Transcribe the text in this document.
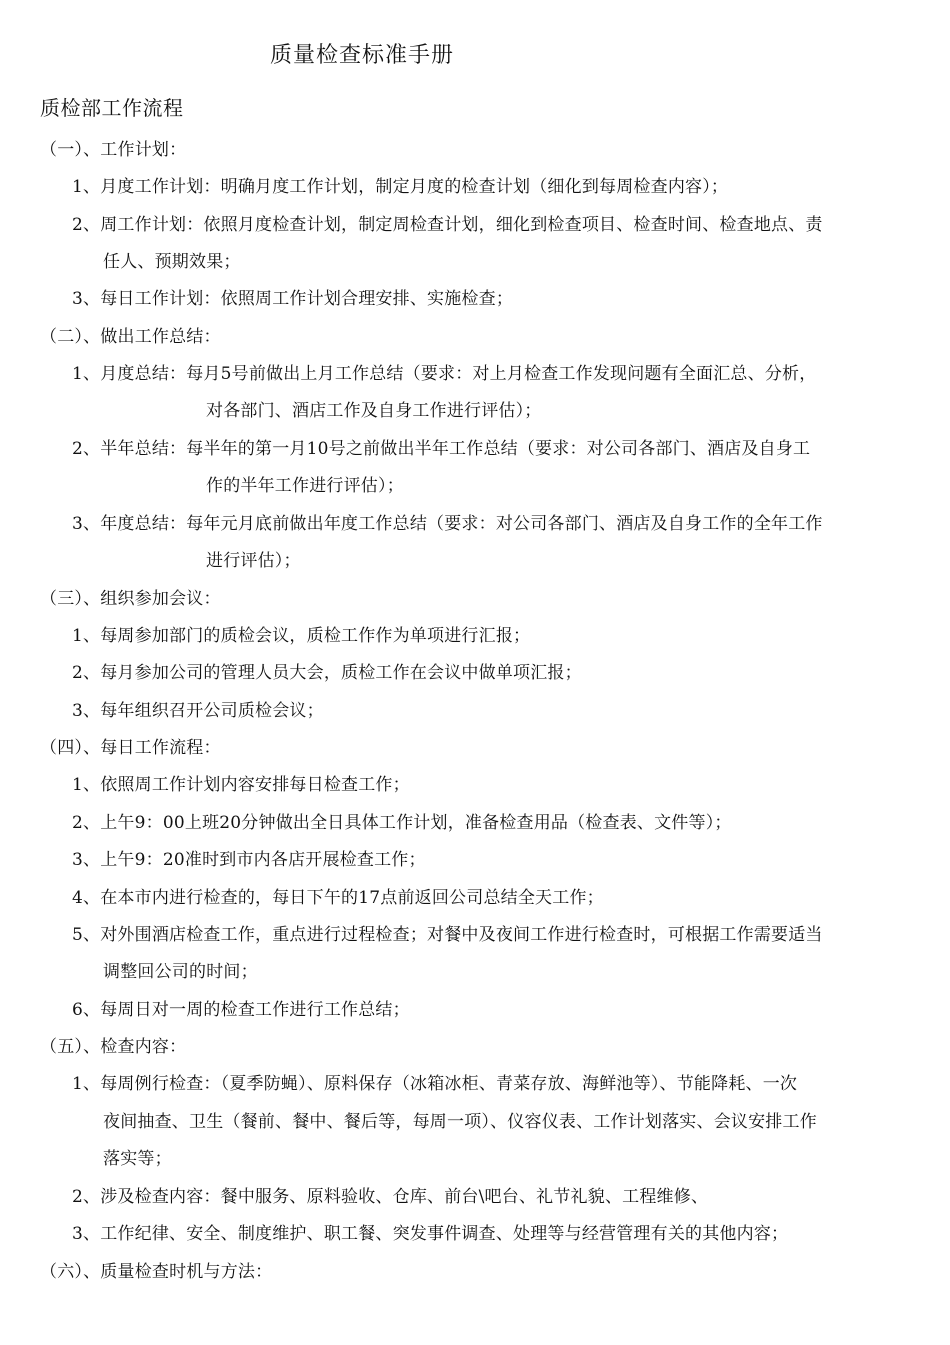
质量检查标准手册
质检部工作流程
（一）、工作计划：
1、月度工作计划：明确月度工作计划，制定月度的检查计划（细化到每周检查内容）；
2、周工作计划：依照月度检查计划，制定周检查计划，细化到检查项目、检查时间、检查地点、责
任人、预期效果；
3、每日工作计划：依照周工作计划合理安排、实施检查；
（二）、做出工作总结：
1、月度总结：每月5号前做出上月工作总结（要求：对上月检查工作发现问题有全面汇总、分析，
对各部门、酒店工作及自身工作进行评估）；
2、半年总结：每半年的第一月10号之前做出半年工作总结（要求：对公司各部门、酒店及自身工
作的半年工作进行评估）；
3、年度总结：每年元月底前做出年度工作总结（要求：对公司各部门、酒店及自身工作的全年工作
进行评估）；
（三）、组织参加会议：
1、每周参加部门的质检会议，质检工作作为单项进行汇报；
2、每月参加公司的管理人员大会，质检工作在会议中做单项汇报；
3、每年组织召开公司质检会议；
（四）、每日工作流程：
1、依照周工作计划内容安排每日检查工作；
2、上午9：00上班20分钟做出全日具体工作计划，准备检查用品（检查表、文件等）；
3、上午9：20准时到市内各店开展检查工作；
4、在本市内进行检查的，每日下午的17点前返回公司总结全天工作；
5、对外围酒店检查工作，重点进行过程检查；对餐中及夜间工作进行检查时，可根据工作需要适当
调整回公司的时间；
6、每周日对一周的检查工作进行工作总结；
（五）、检查内容：
1、每周例行检查：（夏季防蝇）、原料保存（冰箱冰柜、青菜存放、海鲜池等）、节能降耗、一次
夜间抽查、卫生（餐前、餐中、餐后等，每周一项）、仪容仪表、工作计划落实、会议安排工作
落实等；
2、涉及检查内容：餐中服务、原料验收、仓库、前台\吧台、礼节礼貌、工程维修、
3、工作纪律、安全、制度维护、职工餐、突发事件调查、处理等与经营管理有关的其他内容；
（六）、质量检查时机与方法：
